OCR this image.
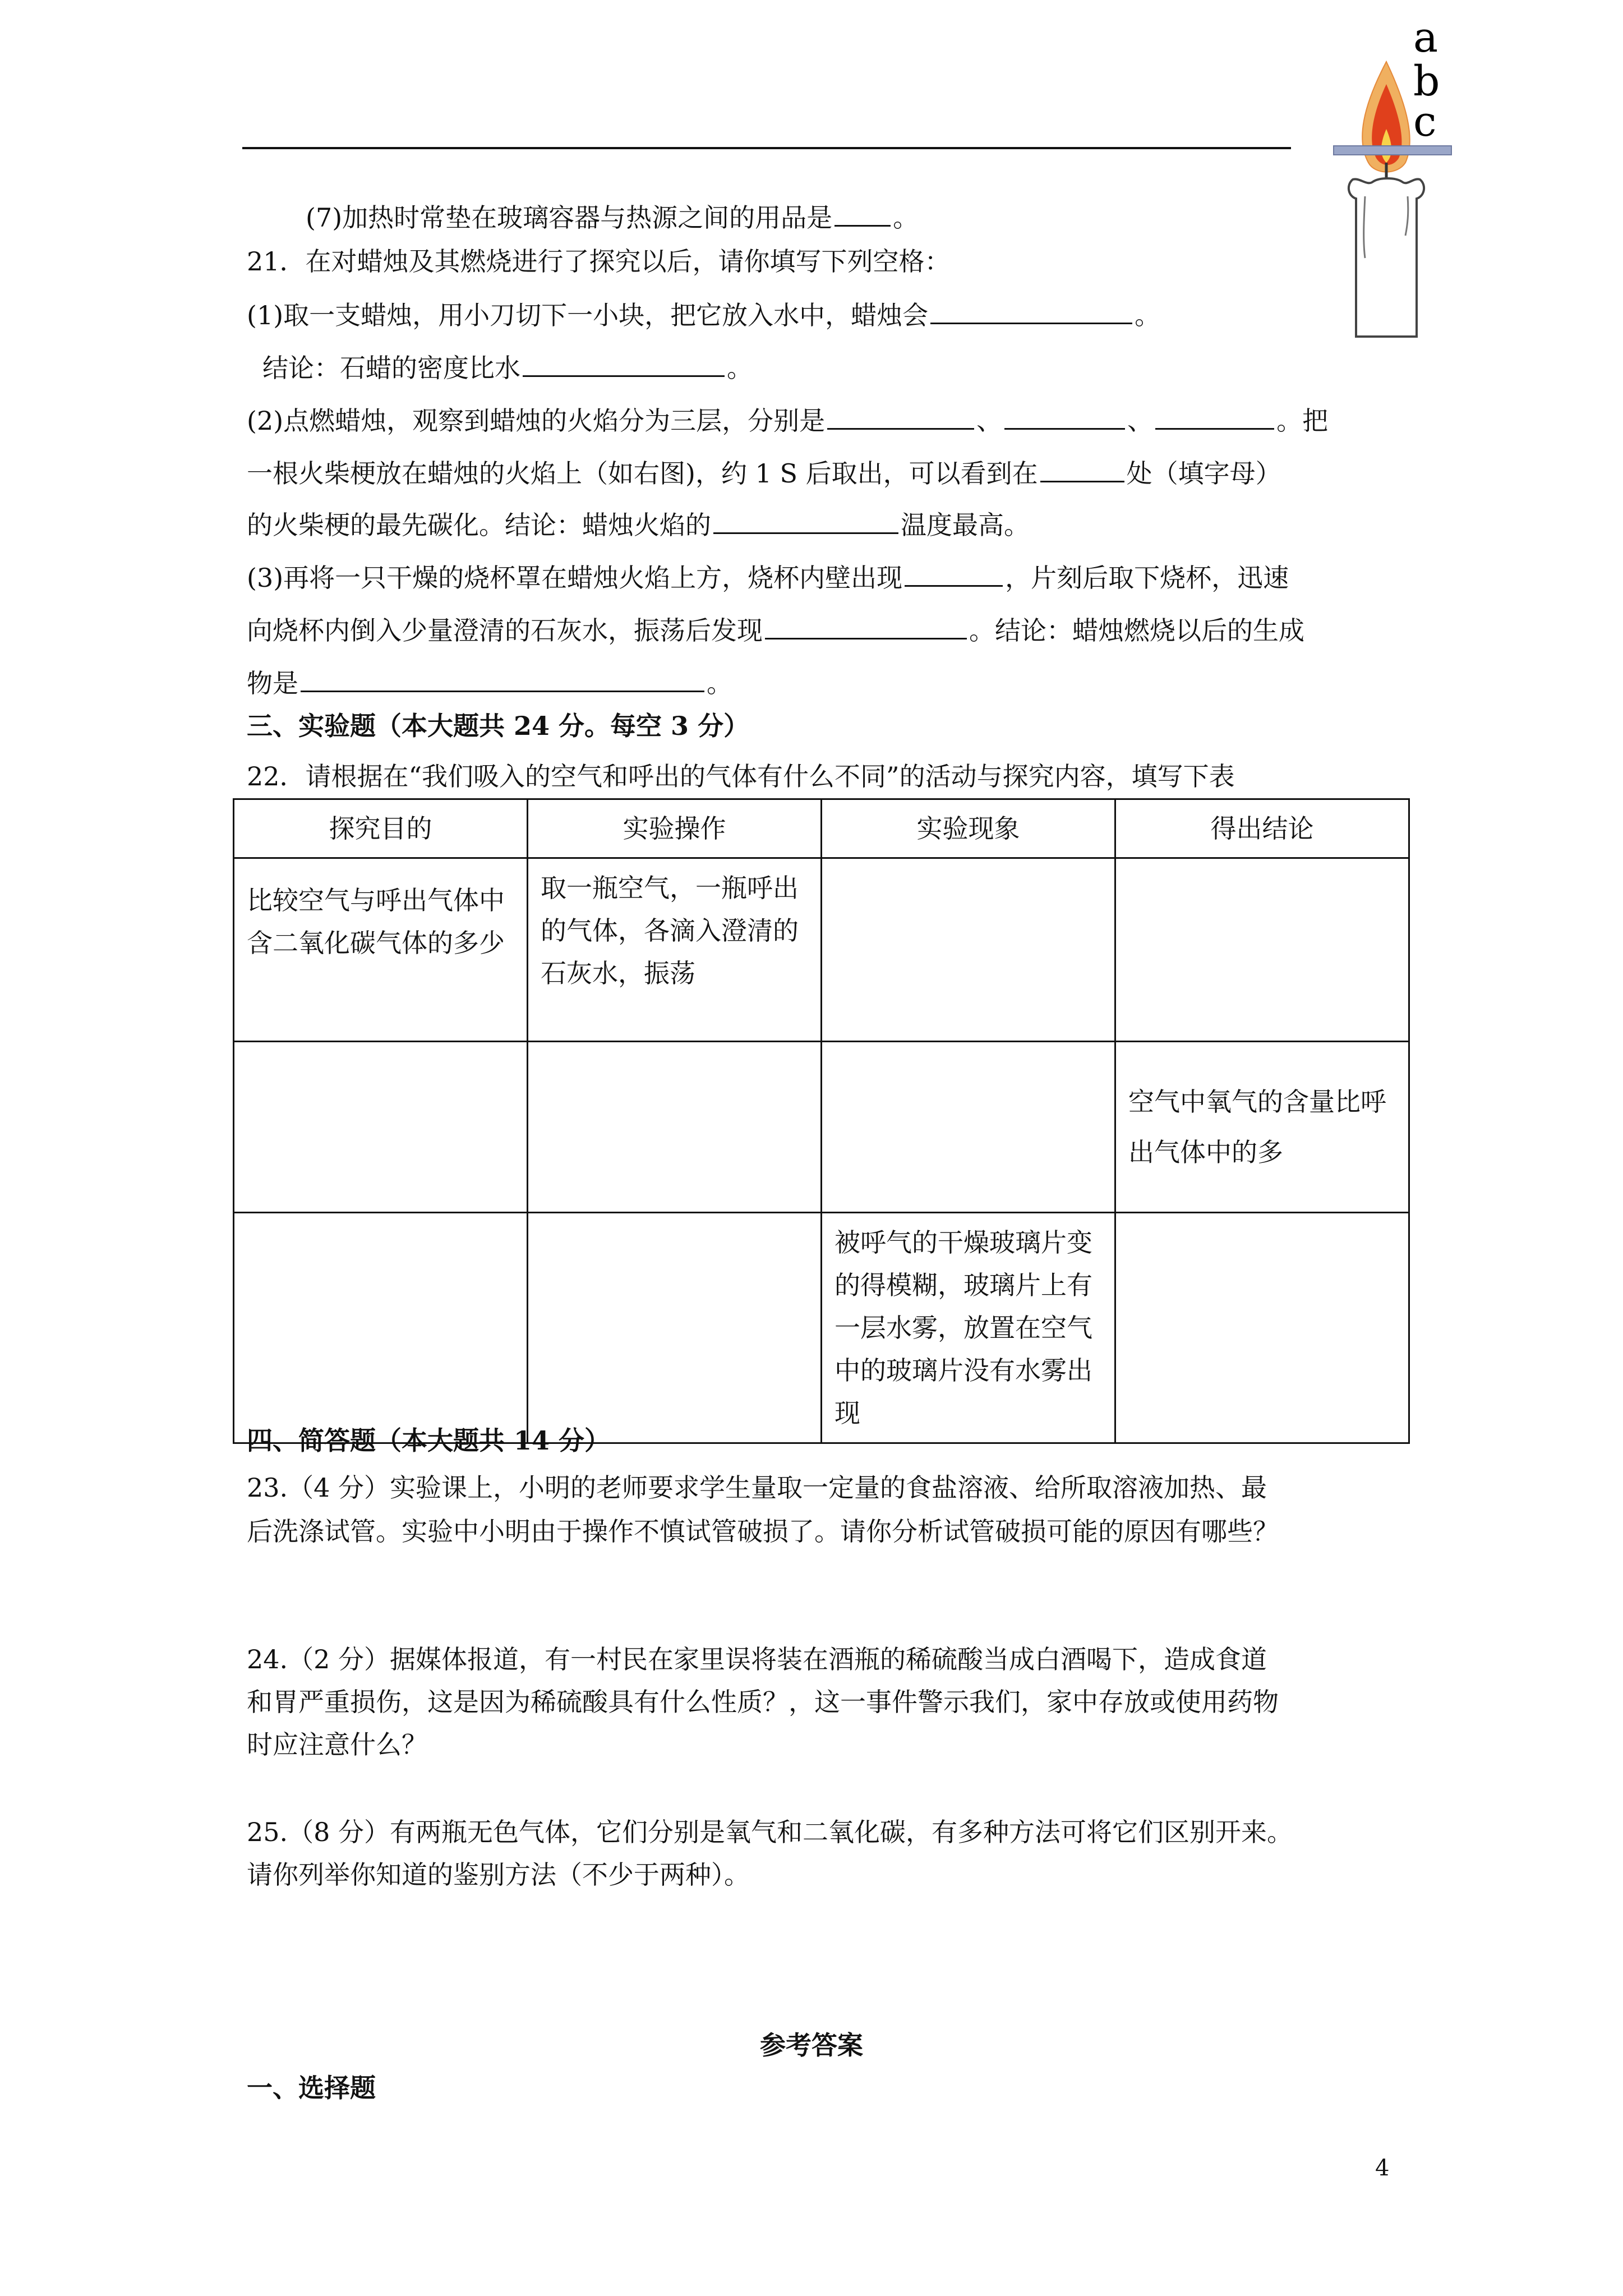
a
b
c
(7)加热时常垫在玻璃容器与热源之间的用品是 。
21．在对蜡烛及其燃烧进行了探究以后，请你填写下列空格：
(1)取一支蜡烛，用小刀切下一小块，把它放入水中，蜡烛会	。
结论：石蜡的密度比水	。
(2)点燃蜡烛，观察到蜡烛的火焰分为三层，分别是	、	、	。把
一根火柴梗放在蜡烛的火焰上（如右图)，约 1 S 后取出，可以看到在	处（填字母）
的火柴梗的最先碳化。结论：蜡烛火焰的	温度最高。
(3)再将一只干燥的烧杯罩在蜡烛火焰上方，烧杯内壁出现	，片刻后取下烧杯，迅速
向烧杯内倒入少量澄清的石灰水，振荡后发现	。结论：蜡烛燃烧以后的生成
物是	。
三、实验题（本大题共 24 分。每空 3 分）
22．请根据在“我们吸入的空气和呼出的气体有什么不同”的活动与探究内容，填写下表
探究目的	实验操作	实验现象	得出结论
比较空气与呼出气体中含二氧化碳气体的多少	取一瓶空气，一瓶呼出的气体，各滴入澄清的石灰水，振荡		
			空气中氧气的含量比呼出气体中的多
		被呼气的干燥玻璃片变的得模糊，玻璃片上有一层水雾，放置在空气中的玻璃片没有水雾出现	
四、简答题（本大题共 14 分）
23.（4 分）实验课上，小明的老师要求学生量取一定量的食盐溶液、给所取溶液加热、最
后洗涤试管。实验中小明由于操作不慎试管破损了。请你分析试管破损可能的原因有哪些？
24.（2 分）据媒体报道，有一村民在家里误将装在酒瓶的稀硫酸当成白酒喝下，造成食道
和胃严重损伤，这是因为稀硫酸具有什么性质？，这一事件警示我们，家中存放或使用药物
时应注意什么？
25.（8 分）有两瓶无色气体，它们分别是氧气和二氧化碳，有多种方法可将它们区别开来。
请你列举你知道的鉴别方法（不少于两种）。
参考答案
一、选择题
4
